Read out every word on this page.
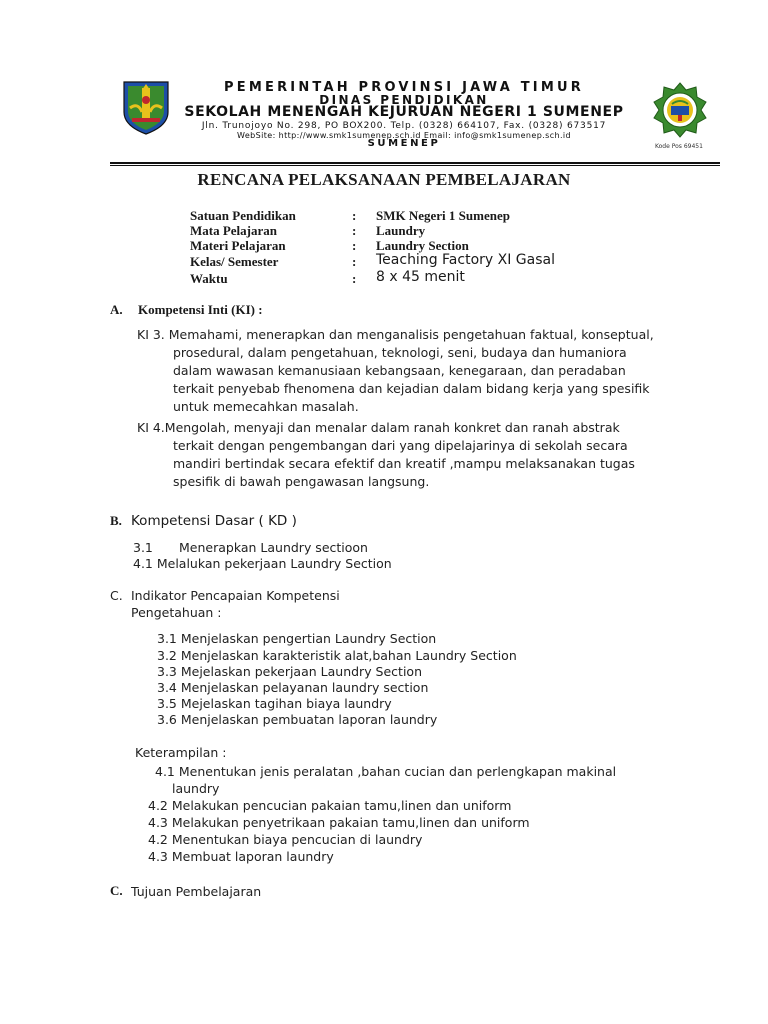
PEMERINTAH PROVINSI JAWA TIMUR
DINAS PENDIDIKAN
SEKOLAH MENENGAH KEJURUAN NEGERI 1 SUMENEP
Jln. Trunojoyo No. 298, PO BOX200. Telp. (0328) 664107, Fax. (0328) 673517
WebSite: http://www.smk1sumenep.sch.id Email: info@smk1sumenep.sch.id
SUMENEP	Kode Pos 69451
RENCANA PELAKSANAAN PEMBELAJARAN
Satuan Pendidikan	: SMK Negeri 1 Sumenep
Mata Pelajaran	: Laundry
Materi Pelajaran	: Laundry Section
Kelas/ Semester	: Teaching Factory XI Gasal
Waktu	: 8 x 45 menit
A. Kompetensi Inti (KI) :
KI 3. Memahami, menerapkan dan menganalisis pengetahuan faktual, konseptual,
prosedural, dalam pengetahuan, teknologi, seni, budaya dan humaniora
dalam wawasan kemanusiaan kebangsaan, kenegaraan, dan peradaban
terkait penyebab fhenomena dan kejadian dalam bidang kerja yang spesifik
untuk memecahkan masalah.
KI 4.Mengolah, menyaji dan menalar dalam ranah konkret dan ranah abstrak
terkait dengan pengembangan dari yang dipelajarinya di sekolah secara
mandiri bertindak secara efektif dan kreatif ,mampu melaksanakan tugas
spesifik di bawah pengawasan langsung.
B. Kompetensi Dasar ( KD )
3.1 Menerapkan Laundry sectioon
4.1 Melalukan pekerjaan Laundry Section
C. Indikator Pencapaian Kompetensi
Pengetahuan :
3.1 Menjelaskan pengertian Laundry Section
3.2 Menjelaskan karakteristik alat,bahan Laundry Section
3.3 Mejelaskan pekerjaan Laundry Section
3.4 Menjelaskan pelayanan laundry section
3.5 Mejelaskan tagihan biaya laundry
3.6 Menjelaskan pembuatan laporan laundry
Keterampilan :
4.1 Menentukan jenis peralatan ,bahan cucian dan perlengkapan makinal
laundry
4.2 Melakukan pencucian pakaian tamu,linen dan uniform
4.3 Melakukan penyetrikaan pakaian tamu,linen dan uniform
4.2 Menentukan biaya pencucian di laundry
4.3 Membuat laporan laundry
C. Tujuan Pembelajaran
